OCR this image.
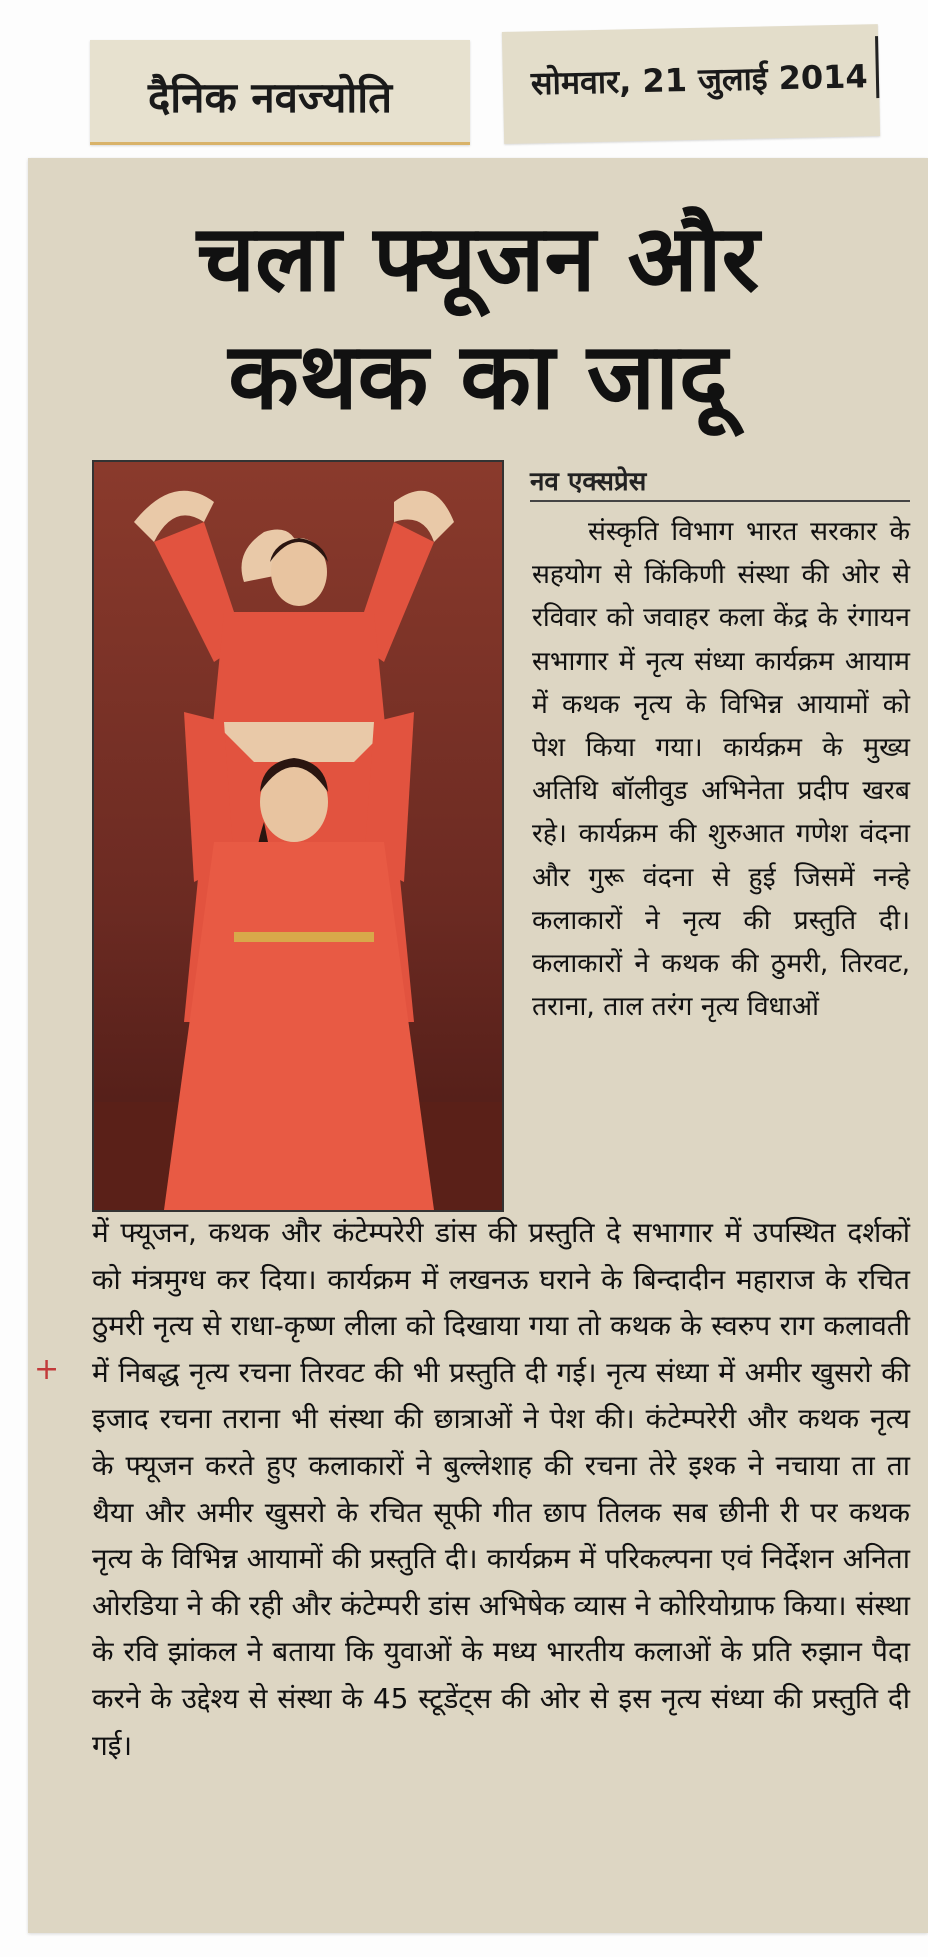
दैनिक नवज्योति	सोमवार, 21 जुलाई 2014
चला फ्यूजन और
कथक का जादू
नव एक्सप्रेस
संस्कृति विभाग भारत सरकार के सहयोग से किंकिणी संस्था की ओर से रविवार को जवाहर कला केंद्र के रंगायन सभागार में नृत्य संध्या कार्यक्रम आयाम में कथक नृत्य के विभिन्न आयामों को पेश किया गया। कार्यक्रम के मुख्य अतिथि बॉलीवुड अभिनेता प्रदीप खरब रहे। कार्यक्रम की शुरुआत गणेश वंदना और गुरू वंदना से हुई जिसमें नन्हे कलाकारों ने नृत्य की प्रस्तुति दी। कलाकारों ने कथक की ठुमरी, तिरवट, तराना, ताल तरंग नृत्य विधाओं
में फ्यूजन, कथक और कंटेम्परेरी डांस की प्रस्तुति दे सभागार में उपस्थित दर्शकों को मंत्रमुग्ध कर दिया। कार्यक्रम में लखनऊ घराने के बिन्दादीन महाराज के रचित ठुमरी नृत्य से राधा-कृष्ण लीला को दिखाया गया तो कथक के स्वरुप राग कलावती में निबद्ध नृत्य रचना तिरवट की भी प्रस्तुति दी गई। नृत्य संध्या में अमीर खुसरो की इजाद रचना तराना भी संस्था की छात्राओं ने पेश की। कंटेम्परेरी और कथक नृत्य के फ्यूजन करते हुए कलाकारों ने बुल्लेशाह की रचना तेरे इश्क ने नचाया ता ता थैया और अमीर खुसरो के रचित सूफी गीत छाप तिलक सब छीनी री पर कथक नृत्य के विभिन्न आयामों की प्रस्तुति दी। कार्यक्रम में परिकल्पना एवं निर्देशन अनिता ओरडिया ने की रही और कंटेम्परी डांस अभिषेक व्यास ने कोरियोग्राफ किया। संस्था के रवि झांकल ने बताया कि युवाओं के मध्य भारतीय कलाओं के प्रति रुझान पैदा करने के उद्देश्य से संस्था के 45 स्टूडेंट्स की ओर से इस नृत्य संध्या की प्रस्तुति दी गई।
+
